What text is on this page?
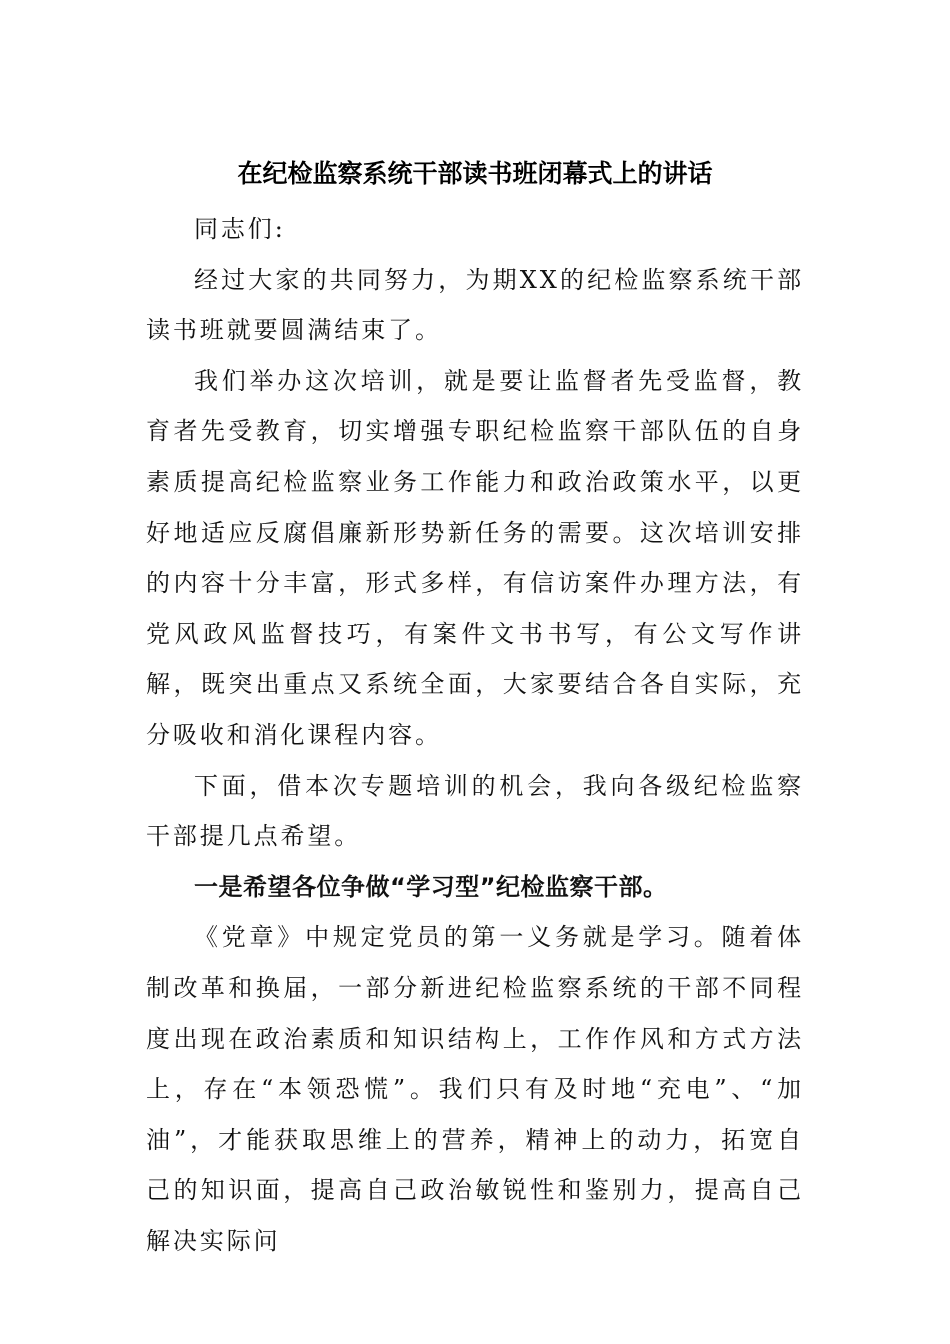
在纪检监察系统干部读书班闭幕式上的讲话

同志们:

经过大家的共同努力，为期XX的纪检监察系统干部读书班就要圆满结束了。

我们举办这次培训，就是要让监督者先受监督，教育者先受教育，切实增强专职纪检监察干部队伍的自身素质提高纪检监察业务工作能力和政治政策水平，以更好地适应反腐倡廉新形势新任务的需要。这次培训安排的内容十分丰富，形式多样，有信访案件办理方法，有党风政风监督技巧，有案件文书书写，有公文写作讲解，既突出重点又系统全面，大家要结合各自实际，充分吸收和消化课程内容。

下面，借本次专题培训的机会，我向各级纪检监察干部提几点希望。

一是希望各位争做“学习型”纪检监察干部。

《党章》中规定党员的第一义务就是学习。随着体制改革和换届，一部分新进纪检监察系统的干部不同程度出现在政治素质和知识结构上，工作作风和方式方法上，存在“本领恐慌”。我们只有及时地“充电”、“加油”，才能获取思维上的营养，精神上的动力，拓宽自己的知识面，提高自己政治敏锐性和鉴别力，提高自己解决实际问
